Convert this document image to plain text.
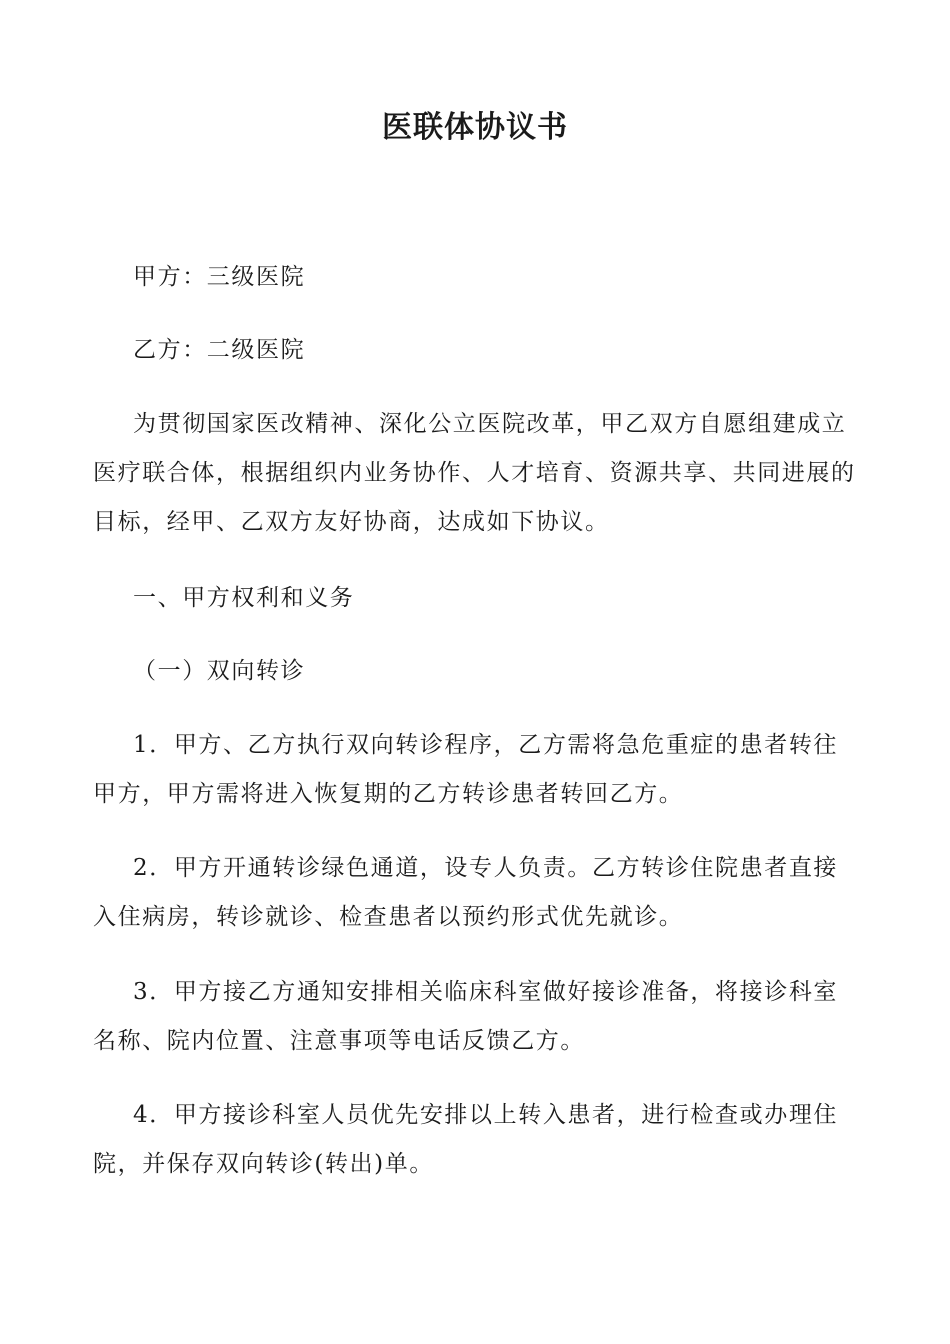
医联体协议书

甲方：三级医院

乙方：二级医院

为贯彻国家医改精神、深化公立医院改革，甲乙双方自愿组建成立医疗联合体，根据组织内业务协作、人才培育、资源共享、共同进展的目标，经甲、乙双方友好协商，达成如下协议。

一、甲方权利和义务

（一）双向转诊

1．甲方、乙方执行双向转诊程序，乙方需将急危重症的患者转往甲方，甲方需将进入恢复期的乙方转诊患者转回乙方。

2．甲方开通转诊绿色通道，设专人负责。乙方转诊住院患者直接入住病房，转诊就诊、检查患者以预约形式优先就诊。

3．甲方接乙方通知安排相关临床科室做好接诊准备，将接诊科室名称、院内位置、注意事项等电话反馈乙方。

4．甲方接诊科室人员优先安排以上转入患者，进行检查或办理住院，并保存双向转诊(转出)单。
